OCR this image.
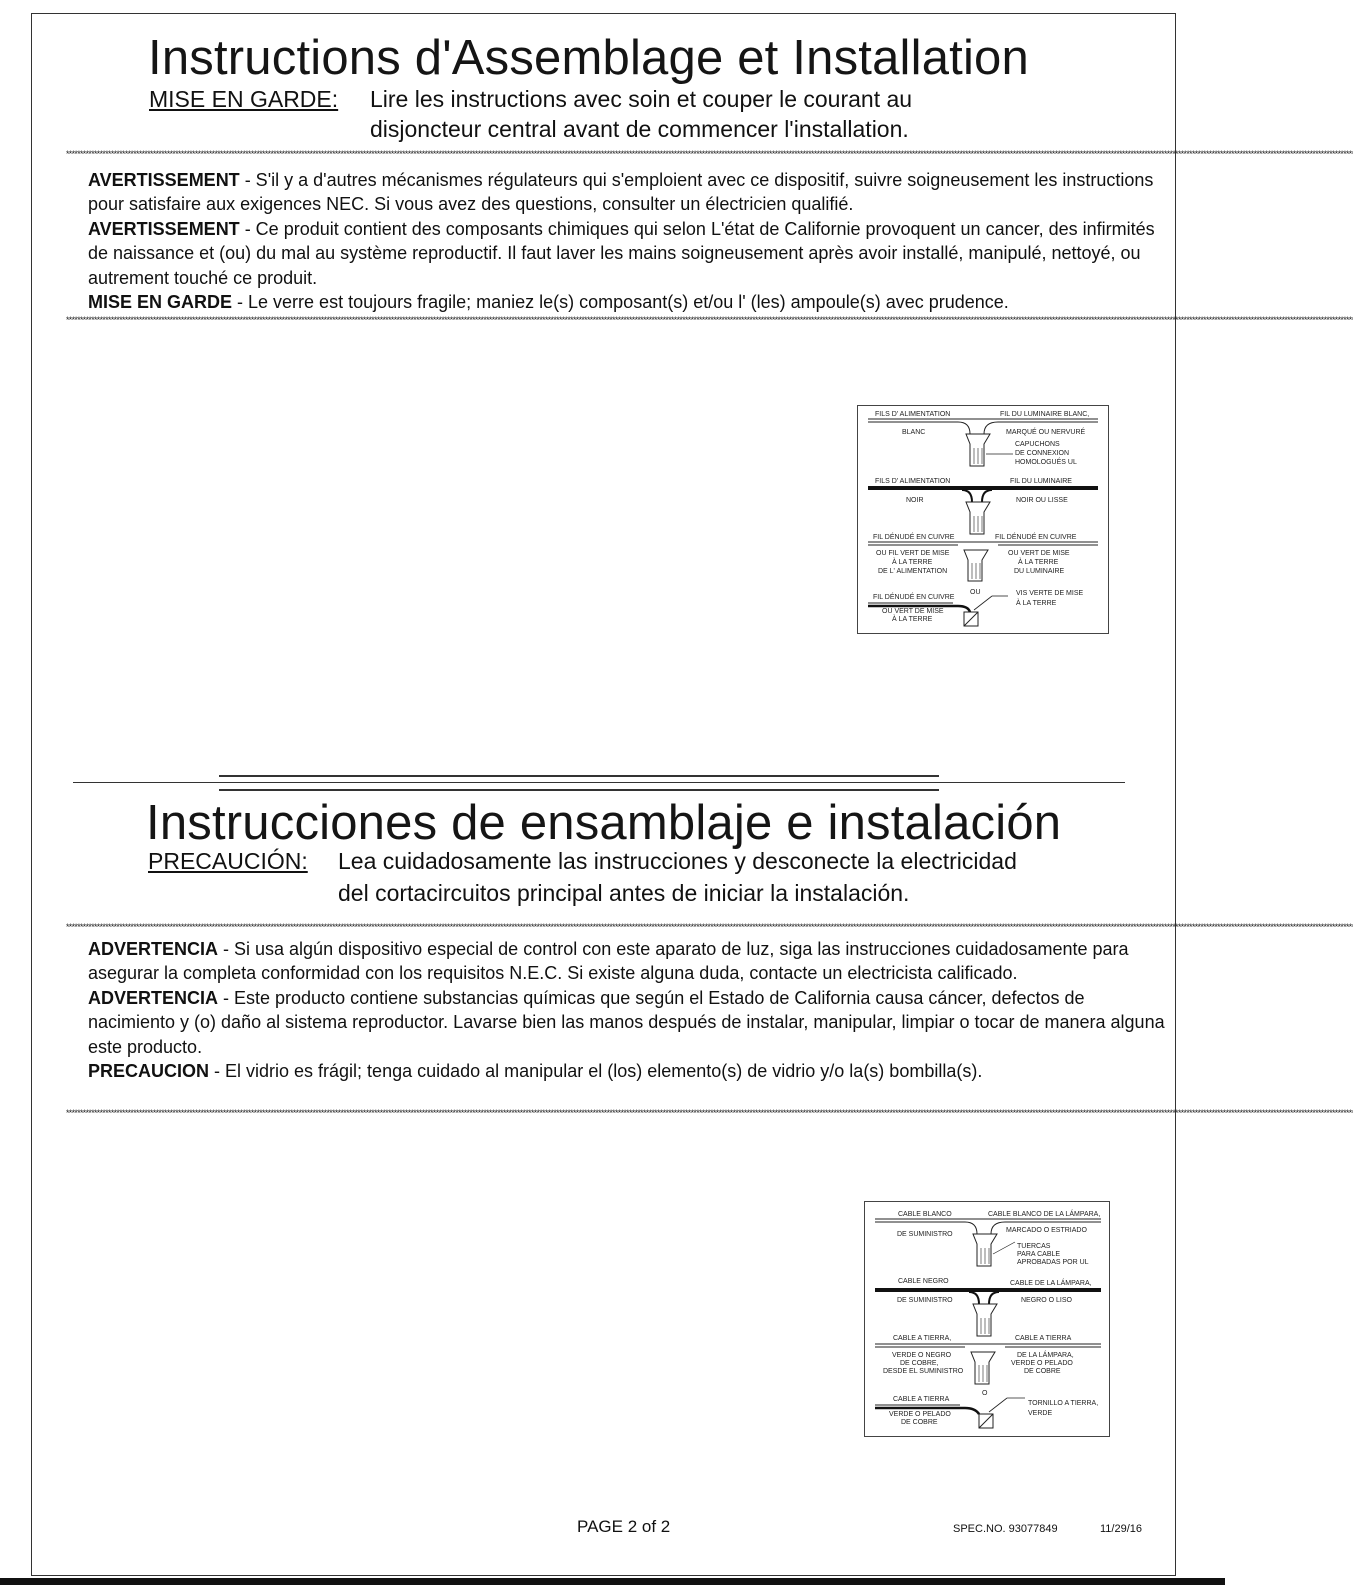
Instructions d'Assemblage et Installation
MISE EN GARDE: Lire les instructions avec soin et couper le courant au
disjoncteur central avant de commencer l'installation.
****************************************************************************************************************************************************************************************************************************************************************************************************************************************************************************************************************************************************************************

AVERTISSEMENT - S'il y a d'autres mécanismes régulateurs qui s'emploient avec ce dispositif, suivre soigneusement les instructions pour satisfaire aux exigences NEC. Si vous avez des questions, consulter un électricien qualifié.

AVERTISSEMENT - Ce produit contient des composants chimiques qui selon L'état de Californie provoquent un cancer, des infirmités de naissance et (ou) du mal au système reproductif. Il faut laver les mains soigneusement après avoir installé, manipulé, nettoyé, ou autrement touché ce produit.

MISE EN GARDE - Le verre est toujours fragile; maniez le(s) composant(s) et/ou l' (les) ampoule(s) avec prudence.

****************************************************************************************************************************************************************************************************************************************************************************************************************************************************************************************************************************************************************************
FILS D' ALIMENTATION	FIL DU LUMINAIRE BLANC,
BLANC	MARQUÉ OU NERVURÉ
CAPUCHONS
DE CONNEXION
HOMOLOGUÉS UL
FILS D' ALIMENTATION	FIL DU LUMINAIRE
NOIR	NOIR OU LISSE
FIL DÉNUDÉ EN CUIVRE	FIL DÉNUDÉ EN CUIVRE
OU FIL VERT DE MISE
À LA TERRE
DE L' ALIMENTATION
OU VERT DE MISE
À LA TERRE
DU LUMINAIRE
OU
FIL DÉNUDÉ EN CUIVRE
OU VERT DE MISE
À LA TERRE
VIS VERTE DE MISE
À LA TERRE
Instrucciones de ensamblaje e instalación
PRECAUCIÓN: Lea cuidadosamente las instrucciones y desconecte la electricidad
del cortacircuitos principal antes de iniciar la instalación.
****************************************************************************************************************************************************************************************************************************************************************************************************************************************************************************************************************************************************************************

ADVERTENCIA - Si usa algún dispositivo especial de control con este aparato de luz, siga las instrucciones cuidadosamente para asegurar la completa conformidad con los requisitos N.E.C. Si existe alguna duda, contacte un electricista calificado.

ADVERTENCIA - Este producto contiene substancias químicas que según el Estado de California causa cáncer, defectos de nacimiento y (o) daño al sistema reproductor. Lavarse bien las manos después de instalar, manipular, limpiar o tocar de manera alguna este producto.

PRECAUCION - El vidrio es frágil; tenga cuidado al manipular el (los) elemento(s) de vidrio y/o la(s) bombilla(s).

****************************************************************************************************************************************************************************************************************************************************************************************************************************************************************************************************************************************************************************
CABLE BLANCO	CABLE BLANCO DE LA LÁMPARA,
DE SUMINISTRO
MARCADO O ESTRIADO
TUERCAS
PARA CABLE
APROBADAS POR UL
CABLE NEGRO	CABLE DE LA LÁMPARA,
DE SUMINISTRO	NEGRO O LISO
CABLE A TIERRA,	CABLE A TIERRA
VERDE O NEGRO
DE COBRE,
DESDE EL SUMINISTRO
DE LA LÁMPARA,
VERDE O PELADO
DE COBRE
O
CABLE A TIERRA
VERDE O PELADO
DE COBRE
TORNILLO A TIERRA,
VERDE
PAGE 2 of 2	SPEC.NO. 93077849	11/29/16
